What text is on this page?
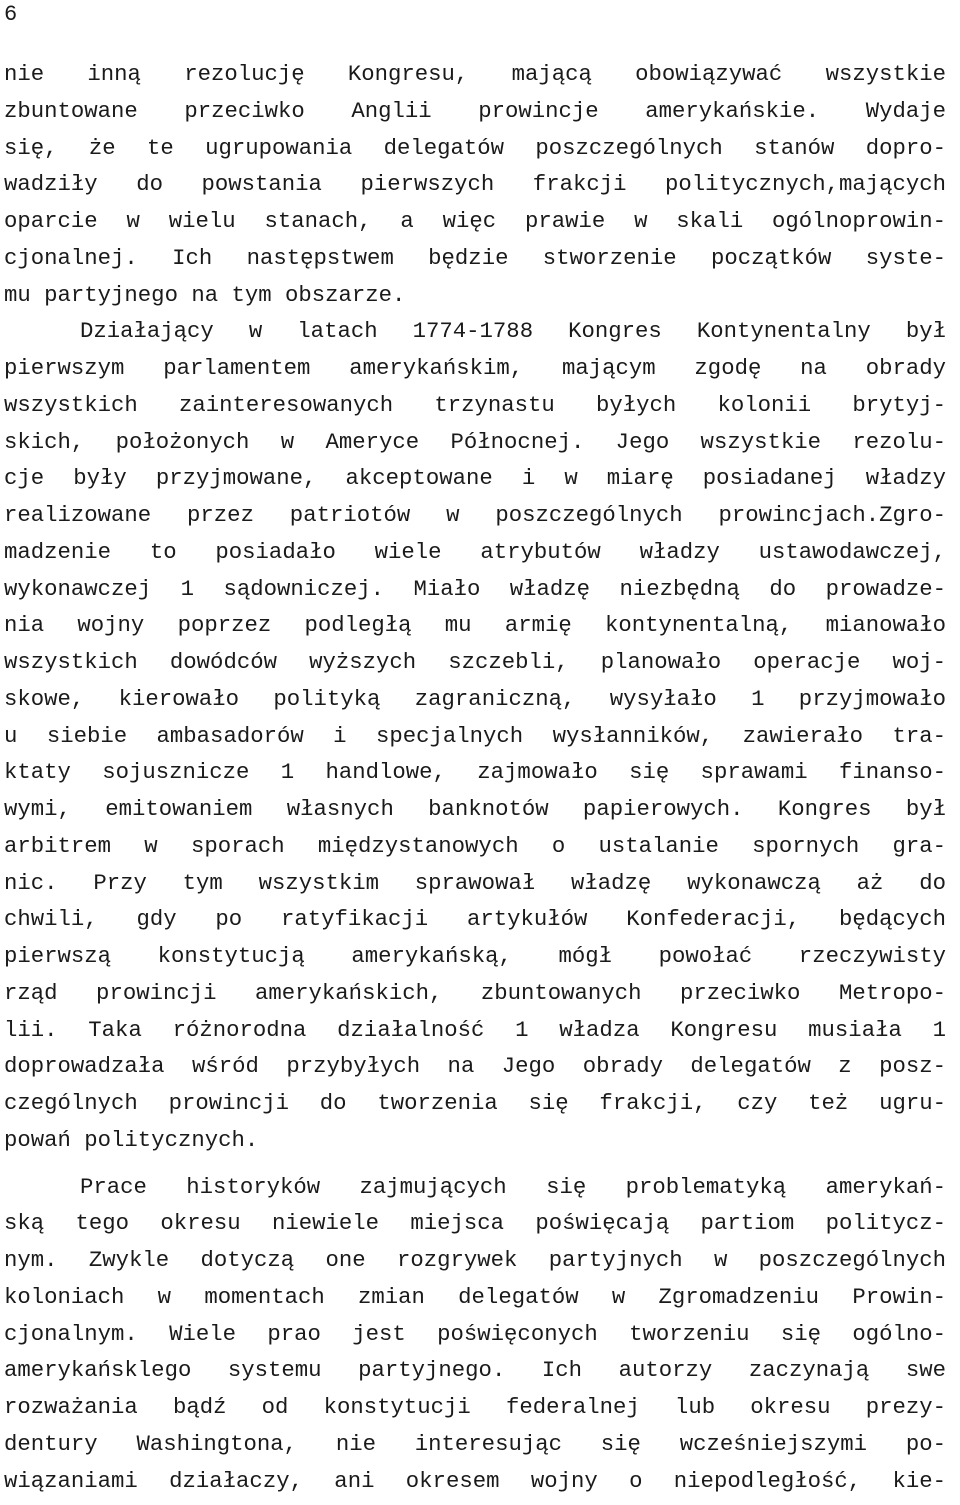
6
nie inną rezolucję Kongresu, mającą obowiązywać wszystkie
zbuntowane przeciwko Anglii prowincje amerykańskie. Wydaje
się, że te ugrupowania delegatów poszczególnych stanów dopro-
wadziły do powstania pierwszych frakcji politycznych,mających
oparcie w wielu stanach, a więc prawie w skali ogólnoprowin-
cjonalnej. Ich następstwem będzie stworzenie początków syste-
mu partyjnego na tym obszarze.
Działający w latach 1774-1788 Kongres Kontynentalny był
pierwszym parlamentem amerykańskim, mającym zgodę na obrady
wszystkich zainteresowanych trzynastu byłych kolonii brytyj-
skich, położonych w Ameryce Północnej. Jego wszystkie rezolu-
cje były przyjmowane, akceptowane i w miarę posiadanej władzy
realizowane przez patriotów w poszczególnych prowincjach.Zgro-
madzenie to posiadało wiele atrybutów władzy ustawodawczej,
wykonawczej 1 sądowniczej. Miało władzę niezbędną do prowadze-
nia wojny poprzez podległą mu armię kontynentalną, mianowało
wszystkich dowódców wyższych szczebli, planowało operacje woj-
skowe, kierowało polityką zagraniczną, wysyłało 1 przyjmowało
u siebie ambasadorów i specjalnych wysłanników, zawierało tra-
ktaty sojusznicze 1 handlowe, zajmowało się sprawami finanso-
wymi, emitowaniem własnych banknotów papierowych. Kongres był
arbitrem w sporach międzystanowych o ustalanie spornych gra-
nic. Przy tym wszystkim sprawował władzę wykonawczą aż do
chwili, gdy po ratyfikacji artykułów Konfederacji, będących
pierwszą konstytucją amerykańską, mógł powołać rzeczywisty
rząd prowincji amerykańskich, zbuntowanych przeciwko Metropo-
lii. Taka różnorodna działalność 1 władza Kongresu musiała 1
doprowadzała wśród przybyłych na Jego obrady delegatów z posz-
czególnych prowincji do tworzenia się frakcji, czy też ugru-
powań politycznych.
Prace historyków zajmujących się problematyką amerykań-
ską tego okresu niewiele miejsca poświęcają partiom politycz-
nym. Zwykle dotyczą one rozgrywek partyjnych w poszczególnych
koloniach w momentach zmian delegatów w Zgromadzeniu Prowin-
cjonalnym. Wiele prao jest poświęconych tworzeniu się ogólno-
amerykańsklego systemu partyjnego. Ich autorzy zaczynają swe
rozważania bądź od konstytucji federalnej lub okresu prezy-
dentury Washingtona, nie interesując się wcześniejszymi po-
wiązaniami działaczy, ani okresem wojny o niepodległość, kie-
